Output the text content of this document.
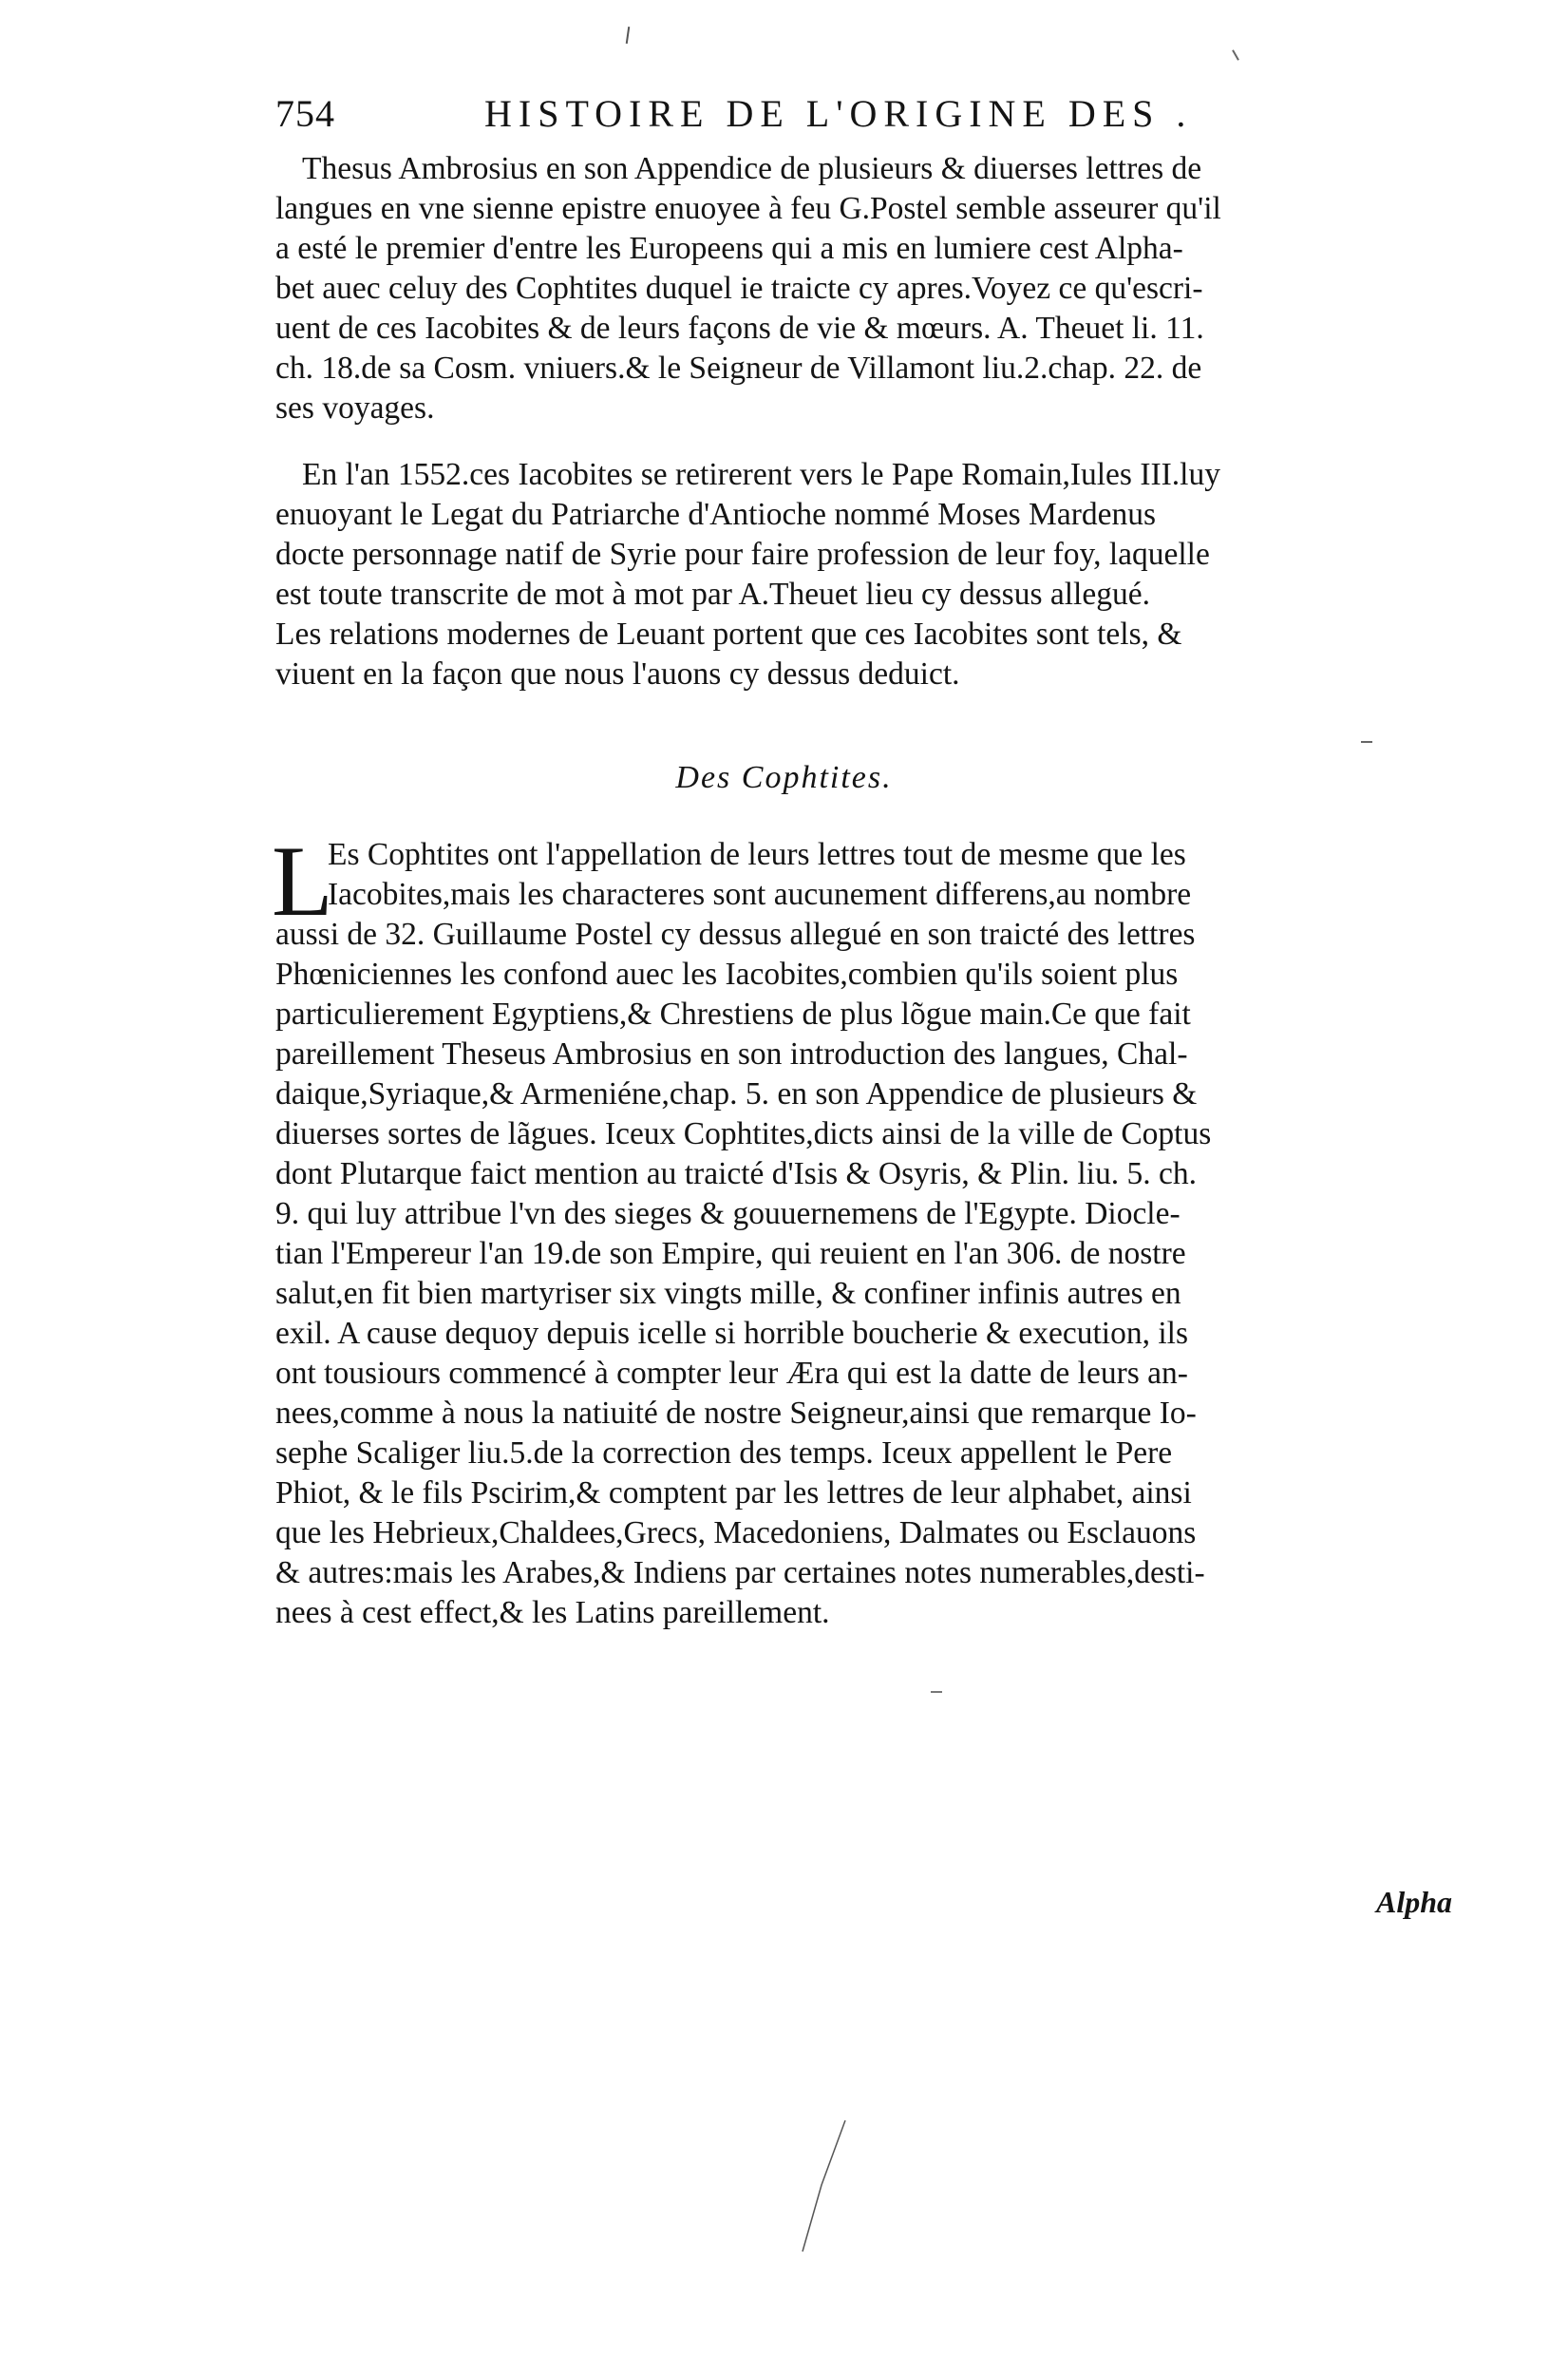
754	HISTOIRE DE L'ORIGINE DES .
Thesus Ambrosius en son Appendice de plusieurs & diuerses lettres de
langues en vne sienne epistre enuoyee à feu G.Postel semble asseurer qu'il
a esté le premier d'entre les Europeens qui a mis en lumiere cest Alpha-
bet auec celuy des Cophtites duquel ie traicte cy apres.Voyez ce qu'escri-
uent de ces Iacobites & de leurs façons de vie & mœurs. A. Theuet li. 11.
ch. 18.de sa Cosm. vniuers.& le Seigneur de Villamont liu.2.chap. 22. de
ses voyages.
En l'an 1552.ces Iacobites se retirerent vers le Pape Romain,Iules III.luy
enuoyant le Legat du Patriarche d'Antioche nommé Moses Mardenus
docte personnage natif de Syrie pour faire profession de leur foy, laquelle
est toute transcrite de mot à mot par A.Theuet lieu cy dessus allegué.
Les relations modernes de Leuant portent que ces Iacobites sont tels, &
viuent en la façon que nous l'auons cy dessus deduict.
Des Cophtites.
L
Es Cophtites ont l'appellation de leurs lettres tout de mesme que les
Iacobites,mais les characteres sont aucunement differens,au nombre
aussi de 32. Guillaume Postel cy dessus allegué en son traicté des lettres
Phœniciennes les confond auec les Iacobites,combien qu'ils soient plus
particulierement Egyptiens,& Chrestiens de plus lõgue main.Ce que fait
pareillement Theseus Ambrosius en son introduction des langues, Chal-
daique,Syriaque,& Armeniéne,chap. 5. en son Appendice de plusieurs &
diuerses sortes de lãgues. Iceux Cophtites,dicts ainsi de la ville de Coptus
dont Plutarque faict mention au traicté d'Isis & Osyris, & Plin. liu. 5. ch.
9. qui luy attribue l'vn des sieges & gouuernemens de l'Egypte. Diocle-
tian l'Empereur l'an 19.de son Empire, qui reuient en l'an 306. de nostre
salut,en fit bien martyriser six vingts mille, & confiner infinis autres en
exil. A cause dequoy depuis icelle si horrible boucherie & execution, ils
ont tousiours commencé à compter leur Æra qui est la datte de leurs an-
nees,comme à nous la natiuité de nostre Seigneur,ainsi que remarque Io-
sephe Scaliger liu.5.de la correction des temps. Iceux appellent le Pere
Phiot, & le fils Pscirim,& comptent par les lettres de leur alphabet, ainsi
que les Hebrieux,Chaldees,Grecs, Macedoniens, Dalmates ou Esclauons
& autres:mais les Arabes,& Indiens par certaines notes numerables,desti-
nees à cest effect,& les Latins pareillement.
Alpha
